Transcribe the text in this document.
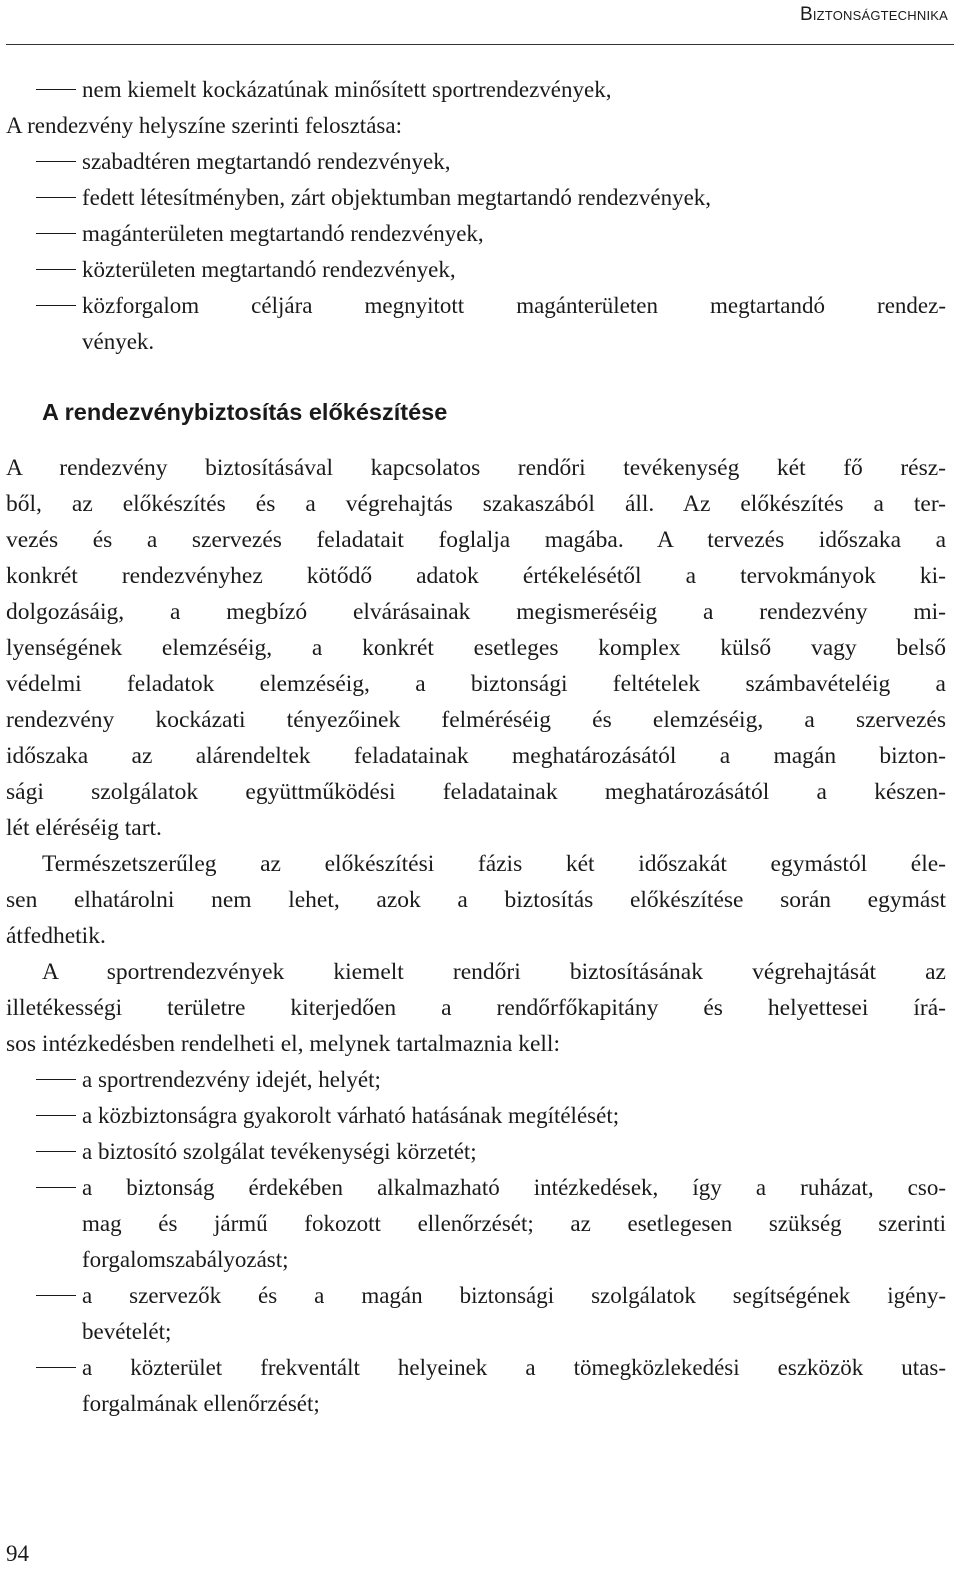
Biztonságtechnika
nem kiemelt kockázatúnak minősített sportrendezvények,
A rendezvény helyszíne szerinti felosztása:
szabadtéren megtartandó rendezvények,
fedett létesítményben, zárt objektumban megtartandó rendezvények,
magánterületen megtartandó rendezvények,
közterületen megtartandó rendezvények,
közforgalom céljára megnyitott magánterületen megtartandó rendez-
vények.
A rendezvénybiztosítás előkészítése
A rendezvény biztosításával kapcsolatos rendőri tevékenység két fő rész-
ből, az előkészítés és a végrehajtás szakaszából áll. Az előkészítés a ter-
vezés és a szervezés feladatait foglalja magába. A tervezés időszaka a
konkrét rendezvényhez kötődő adatok értékelésétől a tervokmányok ki-
dolgozásáig, a megbízó elvárásainak megismeréséig a rendezvény mi-
lyenségének elemzéséig, a konkrét esetleges komplex külső vagy belső
védelmi feladatok elemzéséig, a biztonsági feltételek számbavételéig a
rendezvény kockázati tényezőinek felméréséig és elemzéséig, a szervezés
időszaka az alárendeltek feladatainak meghatározásától a magán bizton-
sági szolgálatok együttműködési feladatainak meghatározásától a készen-
lét eléréséig tart.
Természetszerűleg az előkészítési fázis két időszakát egymástól éle-
sen elhatárolni nem lehet, azok a biztosítás előkészítése során egymást
átfedhetik.
A sportrendezvények kiemelt rendőri biztosításának végrehajtását az
illetékességi területre kiterjedően a rendőrfőkapitány és helyettesei írá-
sos intézkedésben rendelheti el, melynek tartalmaznia kell:
a sportrendezvény idejét, helyét;
a közbiztonságra gyakorolt várható hatásának megítélését;
a biztosító szolgálat tevékenységi körzetét;
a biztonság érdekében alkalmazható intézkedések, így a ruházat, cso-
mag és jármű fokozott ellenőrzését; az esetlegesen szükség szerinti
forgalomszabályozást;
a szervezők és a magán biztonsági szolgálatok segítségének igény-
bevételét;
a közterület frekventált helyeinek a tömegközlekedési eszközök utas-
forgalmának ellenőrzését;
94
